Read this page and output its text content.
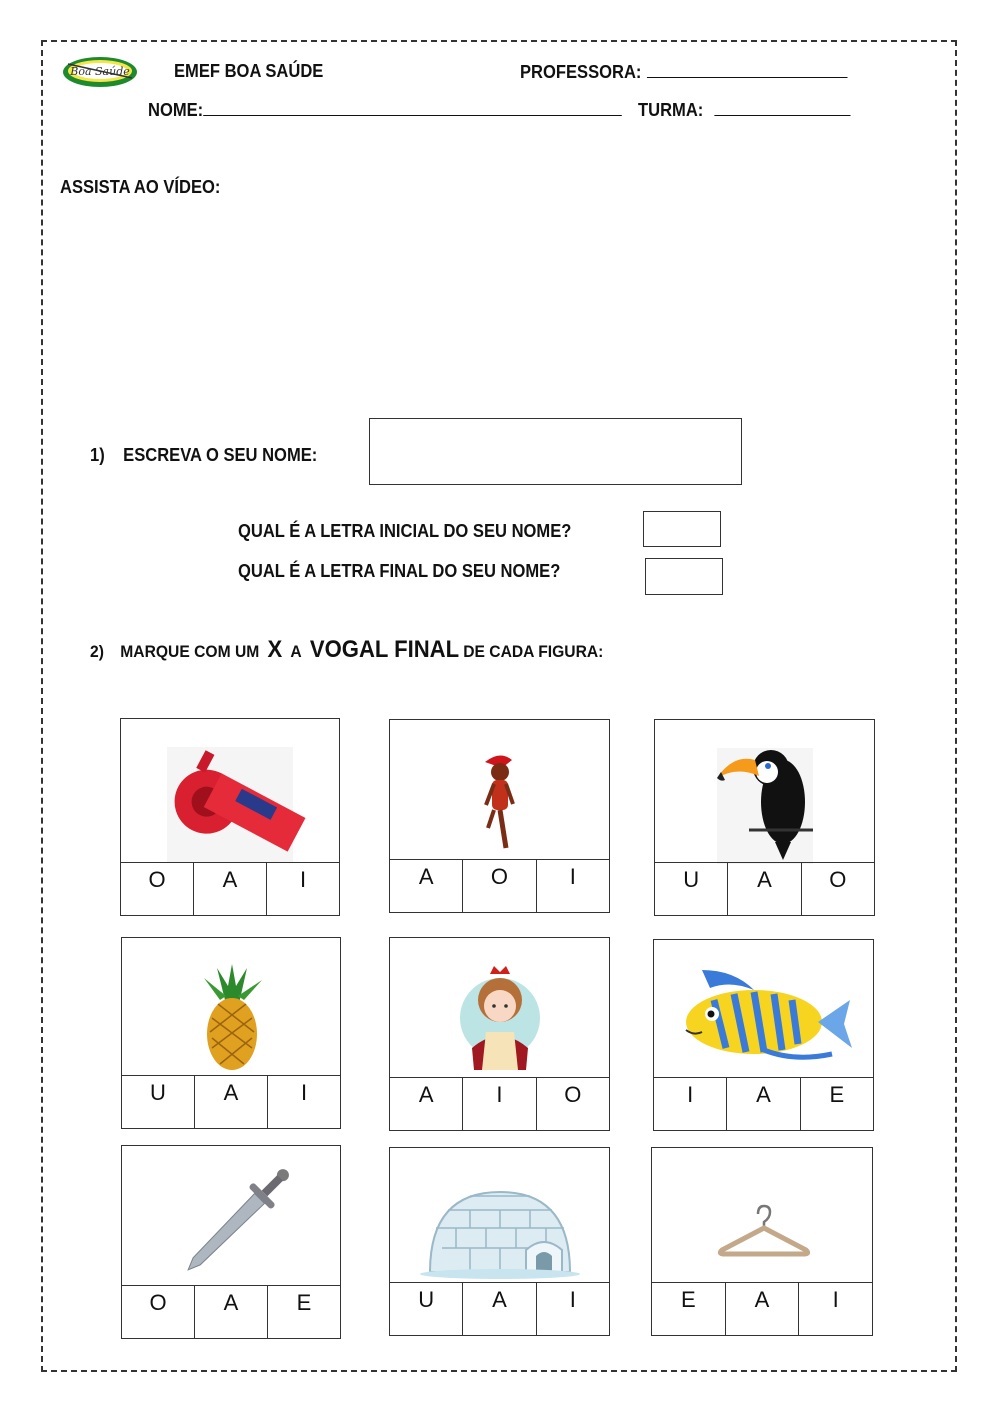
Boa Saúde EMEF BOA SAÚDE	PROFESSORA:
NOME:	TURMA:
ASSISTA AO VÍDEO:
1) ESCREVA O SEU NOME:
QUAL É A LETRA INICIAL DO SEU NOME?
QUAL É A LETRA FINAL DO SEU NOME?
2) MARQUE COM UM X A VOGAL FINAL DE CADA FIGURA:
O	A	I	A	O	I	U	A	O
U	A	I	A	I	O	I	A	E
O	A	E	U	A	I	E	A	I
